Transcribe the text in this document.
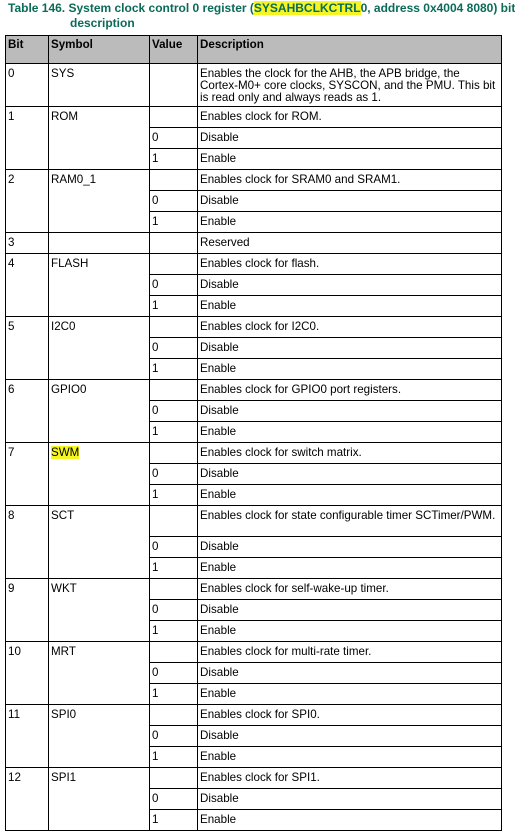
Table 146. System clock control 0 register (SYSAHBCLKCTRL0, address 0x4004 8080) bit
description
Bit	Symbol	Value	Description
0	SYS		Enables the clock for the AHB, the APB bridge, the Cortex-M0+ core clocks, SYSCON, and the PMU. This bit is read only and always reads as 1.
1	ROM		Enables clock for ROM.
		0	Disable
		1	Enable
2	RAM0_1		Enables clock for SRAM0 and SRAM1.
		0	Disable
		1	Enable
3			Reserved
4	FLASH		Enables clock for flash.
		0	Disable
		1	Enable
5	I2C0		Enables clock for I2C0.
		0	Disable
		1	Enable
6	GPIO0		Enables clock for GPIO0 port registers.
		0	Disable
		1	Enable
7	SWM		Enables clock for switch matrix.
		0	Disable
		1	Enable
8	SCT		Enables clock for state configurable timer SCTimer/PWM.
		0	Disable
		1	Enable
9	WKT		Enables clock for self-wake-up timer.
		0	Disable
		1	Enable
10	MRT		Enables clock for multi-rate timer.
		0	Disable
		1	Enable
11	SPI0		Enables clock for SPI0.
		0	Disable
		1	Enable
12	SPI1		Enables clock for SPI1.
		0	Disable
		1	Enable
